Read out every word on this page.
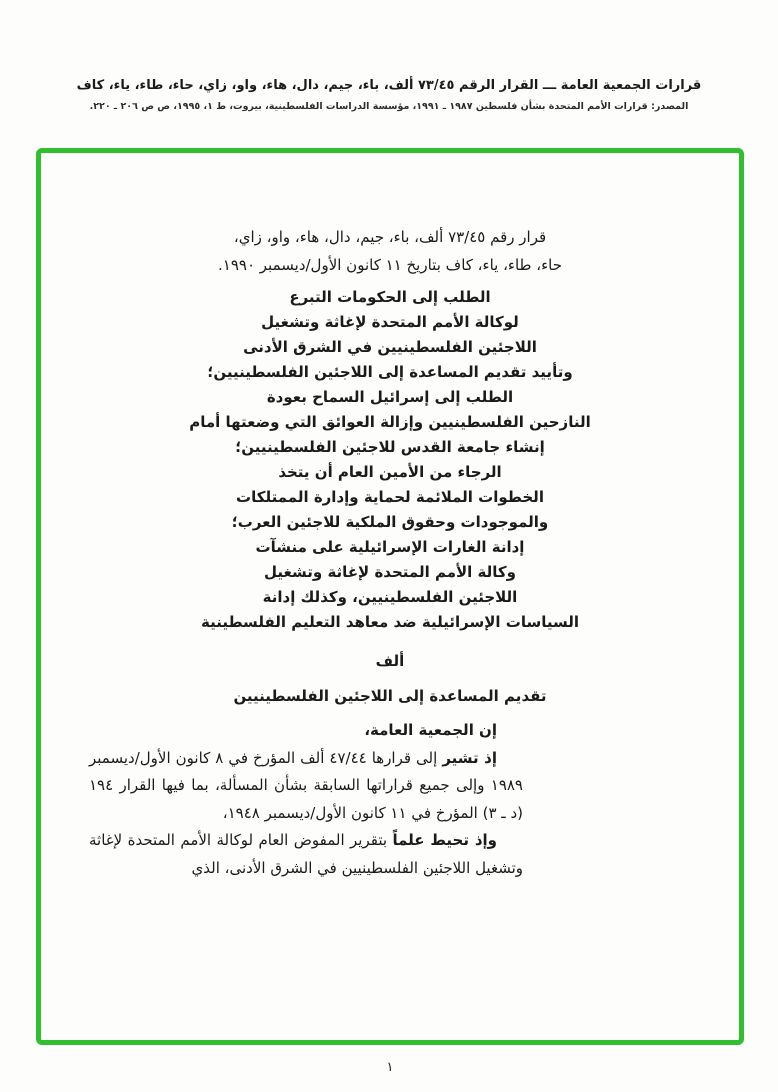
قرارات الجمعية العامة ـــ القرار الرقم ٧٣/٤٥ ألف، باء، جيم، دال، هاء، واو، زاي، حاء، طاء، ياء، كاف
المصدر: قرارات الأمم المتحدة بشأن فلسطين ١٩٨٧ ـ ١٩٩١، مؤسسة الدراسات الفلسطينية، بيروت، ط ١، ١٩٩٥، ص ص ٢٠٦ ـ ٢٢٠.
قرار رقم ٧٣/٤٥ ألف، باء، جيم، دال، هاء، واو، زاي،
حاء، طاء، ياء، كاف بتاريخ ١١ كانون الأول/ديسمبر ١٩٩٠.
الطلب إلى الحكومات التبرع
لوكالة الأمم المتحدة لإغاثة وتشغيل
اللاجئين الفلسطينيين في الشرق الأدنى
وتأييد تقديم المساعدة إلى اللاجئين الفلسطينيين؛
الطلب إلى إسرائيل السماح بعودة
النازحين الفلسطينيين وإزالة العوائق التي وضعتها أمام
إنشاء جامعة القدس للاجئين الفلسطينيين؛
الرجاء من الأمين العام أن يتخذ
الخطوات الملائمة لحماية وإدارة الممتلكات
والموجودات وحقوق الملكية للاجئين العرب؛
إدانة الغارات الإسرائيلية على منشآت
وكالة الأمم المتحدة لإغاثة وتشغيل
اللاجئين الفلسطينيين، وكذلك إدانة
السياسات الإسرائيلية ضد معاهد التعليم الفلسطينية
ألف
تقديم المساعدة إلى اللاجئين الفلسطينيين

إن الجمعية العامة،

إذ تشير إلى قرارها ٤٧/٤٤ ألف المؤرخ في ٨ كانون الأول/ديسمبر ١٩٨٩ وإلى جميع قراراتها السابقة بشأن المسألة، بما فيها القرار ١٩٤ (د ـ ٣) المؤرخ في ١١ كانون الأول/ديسمبر ١٩٤٨،

وإذ تحيط علماً بتقرير المفوض العام لوكالة الأمم المتحدة لإغاثة وتشغيل اللاجئين الفلسطينيين في الشرق الأدنى، الذي

١
